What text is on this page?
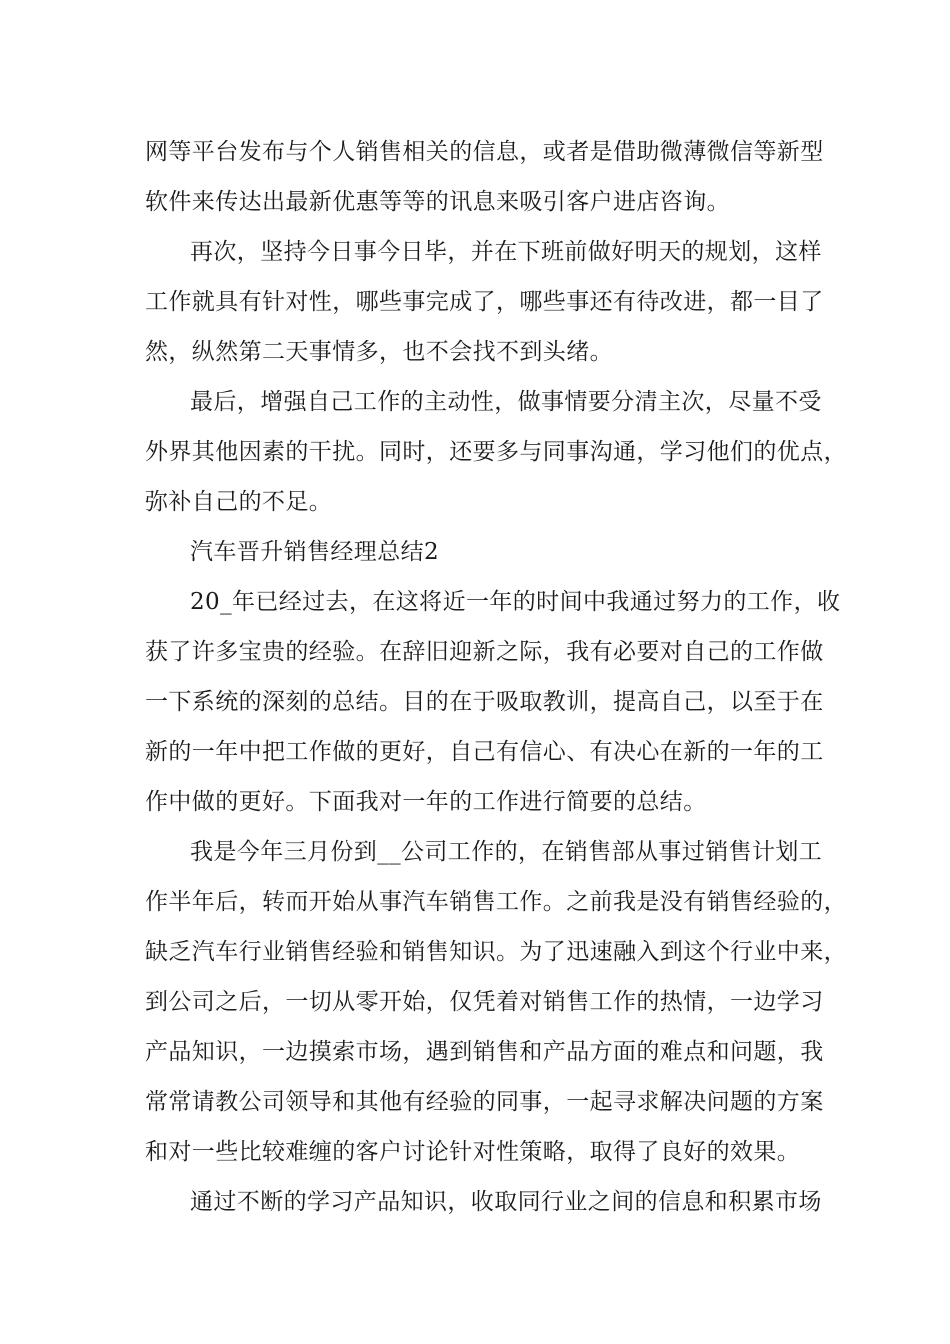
网等平台发布与个人销售相关的信息，或者是借助微薄微信等新型
软件来传达出最新优惠等等的讯息来吸引客户进店咨询。
再次，坚持今日事今日毕，并在下班前做好明天的规划，这样
工作就具有针对性，哪些事完成了，哪些事还有待改进，都一目了
然，纵然第二天事情多，也不会找不到头绪。
最后，增强自己工作的主动性，做事情要分清主次，尽量不受
外界其他因素的干扰。同时，还要多与同事沟通，学习他们的优点，
弥补自己的不足。
汽车晋升销售经理总结2
20_年已经过去，在这将近一年的时间中我通过努力的工作，收
获了许多宝贵的经验。在辞旧迎新之际，我有必要对自己的工作做
一下系统的深刻的总结。目的在于吸取教训，提高自己，以至于在
新的一年中把工作做的更好，自己有信心、有决心在新的一年的工
作中做的更好。下面我对一年的工作进行简要的总结。
我是今年三月份到__公司工作的，在销售部从事过销售计划工
作半年后，转而开始从事汽车销售工作。之前我是没有销售经验的，
缺乏汽车行业销售经验和销售知识。为了迅速融入到这个行业中来，
到公司之后，一切从零开始，仅凭着对销售工作的热情，一边学习
产品知识，一边摸索市场，遇到销售和产品方面的难点和问题，我
常常请教公司领导和其他有经验的同事，一起寻求解决问题的方案
和对一些比较难缠的客户讨论针对性策略，取得了良好的效果。
通过不断的学习产品知识，收取同行业之间的信息和积累市场
